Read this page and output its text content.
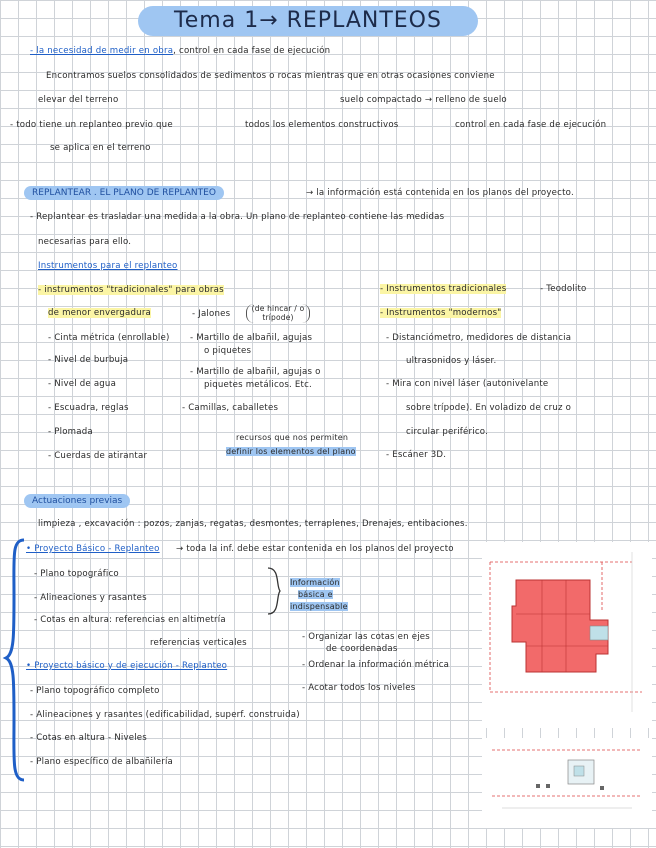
Tema 1→ REPLANTEOS
- la necesidad de medir en obra, control en cada fase de ejecución
Encontramos suelos consolidados de sedimentos o rocas mientras que en otras ocasiones conviene
elevar del terreno	suelo compactado → relleno de suelo
- todo tiene un replanteo previo que	todos los elementos constructivos	control en cada fase de ejecución
se aplica en el terreno
REPLANTEAR . EL PLANO DE REPLANTEO	→ la información está contenida en los planos del proyecto.
- Replantear es trasladar una medida a la obra. Un plano de replanteo contiene las medidas
necesarias para ello.
Instrumentos para el replanteo
- instrumentos "tradicionales" para obras
de menor envergadura
- Cinta métrica (enrollable)
- Nivel de burbuja
- Nivel de agua
- Escuadra, reglas
- Plomada
- Cuerdas de atirantar
- Jalones
(de hincar / o trípode)
- Martillo de albañil, agujas
o piquetes
- Martillo de albañil, agujas o
piquetes metálicos. Etc.
- Camillas, caballetes
recursos que nos permiten
definir los elementos del plano
- Instrumentos tradicionales	- Teodolito
- Instrumentos "modernos"
- Distanciómetro, medidores de distancia
ultrasonidos y láser.
- Mira con nivel láser (autonivelante
sobre trípode). En voladizo de cruz o
circular periférico.
- Escáner 3D.
Actuaciones previas
limpieza , excavación : pozos, zanjas, regatas, desmontes, terraplenes, Drenajes, entibaciones.
• Proyecto Básico - Replanteo → toda la inf. debe estar contenida en los planos del proyecto
- Plano topográfico
- Alineaciones y rasantes
- Cotas en altura: referencias en altimetría
referencias verticales
Información
básica e
indispensable
- Organizar las cotas en ejes
de coordenadas
- Ordenar la información métrica
- Acotar todos los niveles
• Proyecto básico y de ejecución - Replanteo
- Plano topográfico completo
- Alineaciones y rasantes (edificabilidad, superf. construida)
- Cotas en altura - Niveles
- Plano específico de albañilería
